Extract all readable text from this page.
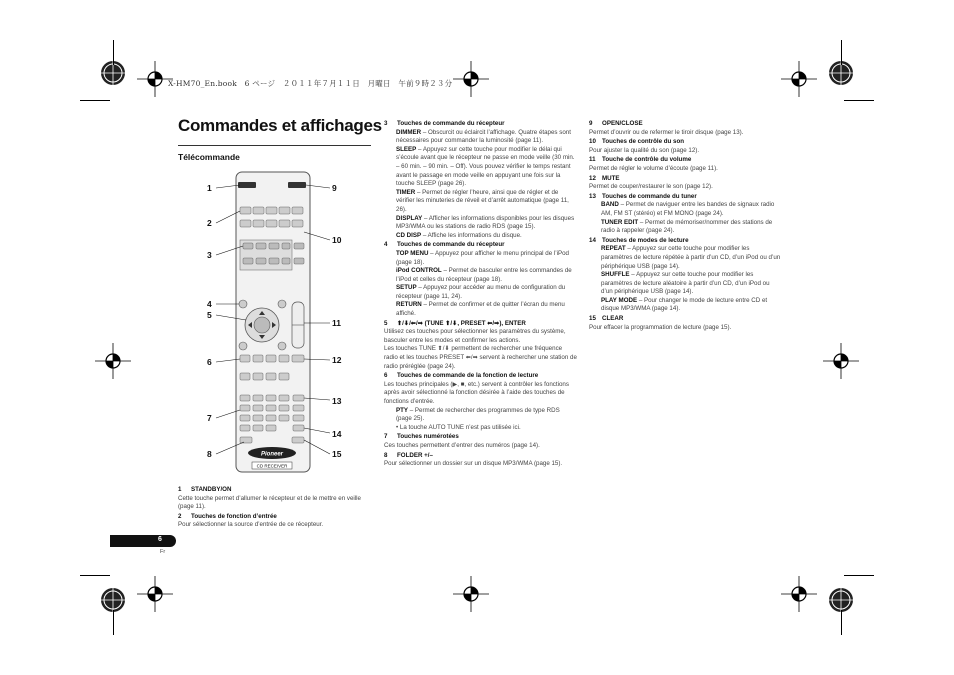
X-HM70_En.book　6 ページ　２０１１年７月１１日　月曜日　午前９時２３分
Commandes et affichages
Télécommande
Pioneer
CD RECEIVER
1
2
3
4
5
6
7
8
9
10
11
12
13
14
15

1 STANDBY/ON

Cette touche permet d’allumer le récepteur et de le mettre en veille (page 11).

2 Touches de fonction d’entrée

Pour sélectionner la source d’entrée de ce récepteur.

3 Touches de commande du récepteur

DIMMER – Obscurcit ou éclaircit l’affichage. Quatre étapes sont nécessaires pour commander la luminosité (page 11).

SLEEP – Appuyez sur cette touche pour modifier le délai qui s’écoule avant que le récepteur ne passe en mode veille (30 min. – 60 min. – 90 min. – Off). Vous pouvez vérifier le temps restant avant le passage en mode veille en appuyant une fois sur la touche SLEEP (page 26).

TIMER – Permet de régler l’heure, ainsi que de régler et de vérifier les minuteries de réveil et d’arrêt automatique (page 11, 26).

DISPLAY – Afficher les informations disponibles pour les disques MP3/WMA ou les stations de radio RDS (page 15).

CD DISP – Affiche les informations du disque.

4 Touches de commande du récepteur

TOP MENU – Appuyez pour afficher le menu principal de l’iPod (page 18).

iPod CONTROL – Permet de basculer entre les commandes de l’iPod et celles du récepteur (page 18).

SETUP – Appuyez pour accéder au menu de configuration du récepteur (page 11, 24).

RETURN – Permet de confirmer et de quitter l’écran du menu affiché.

5 ⬆/⬇/⬅/➡ (TUNE ⬆/⬇, PRESET ⬅/➡), ENTER

Utilisez ces touches pour sélectionner les paramètres du système, basculer entre les modes et confirmer les actions.

Les touches TUNE ⬆/⬇ permettent de rechercher une fréquence radio et les touches PRESET ⬅/➡ servent à rechercher une station de radio préréglée (page 24).

6 Touches de commande de la fonction de lecture

Les touches principales (▶, ■, etc.) servent à contrôler les fonctions après avoir sélectionné la fonction désirée à l’aide des touches de fonctions d’entrée.

PTY – Permet de rechercher des programmes de type RDS (page 25).

• La touche AUTO TUNE n’est pas utilisée ici.

7 Touches numérotées

Ces touches permettent d’entrer des numéros (page 14).

8 FOLDER +/–

Pour sélectionner un dossier sur un disque MP3/WMA (page 15).

9 OPEN/CLOSE

Permet d’ouvrir ou de refermer le tiroir disque (page 13).

10 Touches de contrôle du son

Pour ajuster la qualité du son (page 12).

11 Touche de contrôle du volume

Permet de régler le volume d’écoute (page 11).

12 MUTE

Permet de couper/restaurer le son (page 12).

13 Touches de commande du tuner

BAND – Permet de naviguer entre les bandes de signaux radio AM, FM ST (stéréo) et FM MONO (page 24).

TUNER EDIT – Permet de mémoriser/nommer des stations de radio à rappeler (page 24).

14 Touches de modes de lecture

REPEAT – Appuyez sur cette touche pour modifier les paramètres de lecture répétée à partir d’un CD, d’un iPod ou d’un périphérique USB (page 14).

SHUFFLE – Appuyez sur cette touche pour modifier les paramètres de lecture aléatoire à partir d’un CD, d’un iPod ou d’un périphérique USB (page 14).

PLAY MODE – Pour changer le mode de lecture entre CD et disque MP3/WMA (page 14).

15 CLEAR

Pour effacer la programmation de lecture (page 15).

6
Fr
